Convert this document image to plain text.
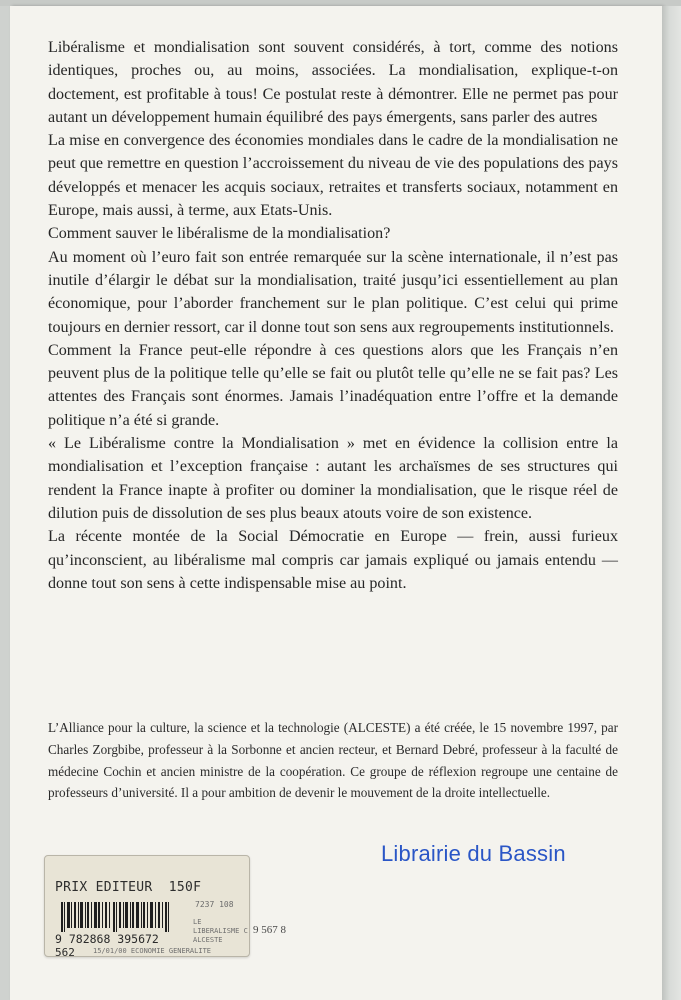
Libéralisme et mondialisation sont souvent considérés, à tort, comme des notions identiques, proches ou, au moins, associées. La mondialisation, explique-t-on doctement, est profitable à tous! Ce postulat reste à démontrer. Elle ne permet pas pour autant un développement humain équilibré des pays émergents, sans parler des autres

La mise en convergence des économies mondiales dans le cadre de la mondialisation ne peut que remettre en question l’accroissement du niveau de vie des populations des pays développés et menacer les acquis sociaux, retraites et transferts sociaux, notamment en Europe, mais aussi, à terme, aux Etats-Unis.

Comment sauver le libéralisme de la mondialisation?

Au moment où l’euro fait son entrée remarquée sur la scène internationale, il n’est pas inutile d’élargir le débat sur la mondialisation, traité jusqu’ici essentiellement au plan économique, pour l’aborder franchement sur le plan politique. C’est celui qui prime toujours en dernier ressort, car il donne tout son sens aux regroupements institutionnels.

Comment la France peut-elle répondre à ces questions alors que les Français n’en peuvent plus de la politique telle qu’elle se fait ou plutôt telle qu’elle ne se fait pas? Les attentes des Français sont énormes. Jamais l’inadéquation entre l’offre et la demande politique n’a été si grande.

« Le Libéralisme contre la Mondialisation » met en évidence la collision entre la mondialisation et l’exception française : autant les archaïsmes de ses structures qui rendent la France inapte à profiter ou dominer la mondialisation, que le risque réel de dilution puis de dissolution de ses plus beaux atouts voire de son existence.

La récente montée de la Social Démocratie en Europe — frein, aussi furieux qu’inconscient, au libéralisme mal compris car jamais expliqué ou jamais entendu — donne tout son sens à cette indispensable mise au point.

L’Alliance pour la culture, la science et la technologie (ALCESTE) a été créée, le 15 novembre 1997, par Charles Zorgbibe, professeur à la Sorbonne et ancien recteur, et Bernard Debré, professeur à la faculté de médecine Cochin et ancien ministre de la coopération. Ce groupe de réflexion regroupe une centaine de professeurs d’université. Il a pour ambition de devenir le mouvement de la droite intellectuelle.
Librairie du Bassin
PRIX EDITEUR 150F
7237 108
LE LIBERALISME C
ALCESTE
9 782868 395672
562	15/01/00 ECONOMIE GENERALITE
9 567 8
